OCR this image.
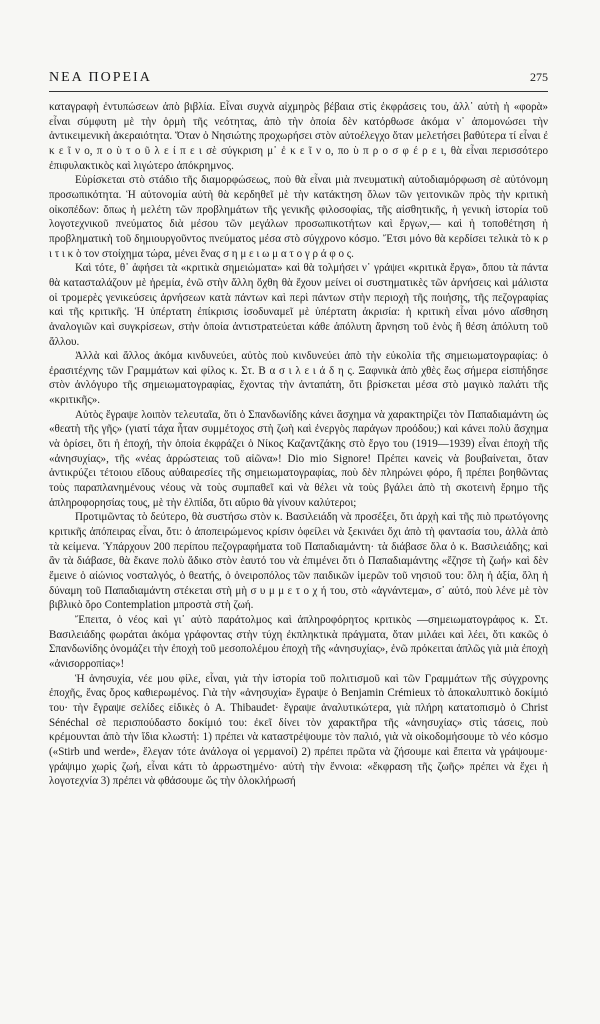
ΝΕΑ ΠΟΡΕΙΑ	275

καταγραφὴ ἐντυπώσεων ἀπὸ βιβλία. Εἶναι συχνὰ αἰχμηρὸς βέβαια στὶς ἐκφράσεις του, ἀλλ᾽ αὐτὴ ἡ «φορὰ» εἶναι σύμφυτη μὲ τὴν ὁρμὴ τῆς νεότητας, ἀπὸ τὴν ὁποία δὲν κατόρθωσε ἀκόμα ν᾽ ἀπομονώσει τὴν ἀντικειμενικὴ ἀκεραιότητα. Ὅταν ὁ Νησιώτης προχωρήσει στὸν αὐτοέλεγχο ὅταν μελετήσει βαθύτερα τί εἶναι ἐ κ ε ῖ ν ο, π ο ὺ τ ο ῦ λ ε ί π ε ι σὲ σύγκριση μ᾽ ἐ κ ε ῖ ν ο, πο ὺ π ρ ο σ φ έ ρ ε ι, θὰ εἶναι περισσότερο ἐπιφυλακτικὸς καὶ λιγώτερο ἀπόκρημνος.

Εὑρίσκεται στὸ στάδιο τῆς διαμορφώσεως, ποὺ θὰ εἶναι μιὰ πνευματικὴ αὐτοδιαμόρφωση σὲ αὐτόνομη προσωπικότητα. Ἡ αὐτονομία αὐτὴ θὰ κερδηθεῖ μὲ τὴν κατάκτηση ὅλων τῶν γειτονικῶν πρὸς τὴν κριτικὴ οἰκοπέδων: ὅπως ἡ μελέτη τῶν προβλημάτων τῆς γενικῆς φιλοσοφίας, τῆς αἰσθητικῆς, ἡ γενικὴ ἱστορία τοῦ λογοτεχνικοῦ πνεύματος διὰ μέσου τῶν μεγάλων προσωπικοτήτων καὶ ἔργων,— καὶ ἡ τοποθέτηση ἡ προβληματικὴ τοῦ δημιουργοῦντος πνεύματος μέσα στὸ σύγχρονο κόσμο. Ἔτσι μόνο θὰ κερδίσει τελικὰ τὸ κ ρ ι τ ι κ ὸ τον στοίχημα τώρα, μένει ἕνας σ η μ ε ι ω μ α τ ο γ ρ ά φ ο ς.

Καὶ τότε, θ᾽ ἀφήσει τὰ «κριτικὰ σημειώματα» καὶ θὰ τολμήσει ν᾽ γράψει «κριτικὰ ἔργα», ὅπου τὰ πάντα θὰ κατασταλάζουν μὲ ἠρεμία, ἐνῶ στὴν ἄλλη ὄχθη θὰ ἔχουν μείνει οἱ συστηματικὲς τῶν ἀρνήσεις καὶ μάλιστα οἱ τρομερὲς γενικεύσεις ἀρνήσεων κατὰ πάντων καὶ περὶ πάντων στὴν περιοχὴ τῆς ποιήσης, τῆς πεζογραφίας καὶ τῆς κριτικῆς. Ἡ ὑπέρτατη ἐπίκρισις ἰσοδυναμεῖ μὲ ὑπέρτατη ἀκρισία: ἡ κριτικὴ εἶναι μόνο αἴσθηση ἀναλογιῶν καὶ συγκρίσεων, στὴν ὁποία ἀντιστρατεύεται κάθε ἀπόλυτη ἄρνηση τοῦ ἑνὸς ἢ θέση ἀπόλυτη τοῦ ἄλλου.

Ἀλλὰ καὶ ἄλλος ἀκόμα κινδυνεύει, αὐτὸς ποὺ κινδυνεύει ἀπὸ τὴν εὐκολία τῆς σημειωματογραφίας: ὁ ἐρασιτέχνης τῶν Γραμμάτων καὶ φίλος κ. Στ. Β α σ ι λ ε ι ά δ η ς. Ξαφνικὰ ἀπὸ χθὲς ἕως σήμερα εἰσπήδησε στὸν ἀνλόγυρο τῆς σημειωματογραφίας, ἔχοντας τὴν ἀνταπάτη, ὅτι βρίσκεται μέσα στὸ μαγικὸ παλάτι τῆς «κριτικῆς».

Αὐτὸς ἔγραψε λοιπὸν τελευταῖα, ὅτι ὁ Σπανδωνίδης κάνει ἄσχημα νὰ χαρακτηρίζει τὸν Παπαδιαμάντη ὡς «θεατὴ τῆς γῆς» (γιατί τάχα ἦταν συμμέτοχος στὴ ζωὴ καὶ ἐνεργὸς παράγων προόδου;) καὶ κάνει πολὺ ἄσχημα νὰ ὁρίσει, ὅτι ἡ ἐποχή, τὴν ὁποία ἐκφράζει ὁ Νίκος Καζαντζάκης στὸ ἔργο του (1919—1939) εἶναι ἐποχὴ τῆς «ἀνησυχίας», τῆς «νέας ἀρρώστειας τοῦ αἰῶνα»! Dio mio Signore! Πρέπει κανεὶς νὰ βουβαίνεται, ὅταν ἀντικρύζει τέτοιου εἴδους αὐθαιρεσίες τῆς σημειωματογραφίας, ποὺ δὲν πληρώνει φόρο, ἢ πρέπει βοηθῶντας τοὺς παραπλανημένους νέους νὰ τοὺς συμπαθεῖ καὶ νὰ θέλει νὰ τοὺς βγάλει ἀπὸ τὴ σκοτεινὴ ἔρημο τῆς ἀπληροφορησίας τους, μὲ τὴν ἐλπίδα, ὅτι αὔριο θὰ γίνουν καλύτεροι;

Προτιμῶντας τὸ δεύτερο, θὰ συστήσω στὸν κ. Βασιλειάδη νὰ προσέξει, ὅτι ἀρχὴ καὶ τῆς πιὸ πρωτόγονης κριτικῆς ἀπόπειρας εἶναι, ὅτι: ὁ ἀποπειρώμενος κρίσιν ὀφείλει νὰ ξεκινάει ὄχι ἀπὸ τὴ φαντασία του, ἀλλὰ ἀπὸ τὰ κείμενα. Ὑπάρχουν 200 περίπου πεζογραφήματα τοῦ Παπαδιαμάντη· τὰ διάβασε ὅλα ὁ κ. Βασιλειάδης; καὶ ἂν τὰ διάβασε, θὰ ἔκανε πολὺ ἄδικο στὸν ἑαυτό του νὰ ἐπιμένει ὅτι ὁ Παπαδιαμάντης «ἔζησε τὴ ζωή» καὶ δὲν ἔμεινε ὁ αἰώνιος νοσταλγός, ὁ θεατής, ὁ ὀνειροπόλος τῶν παιδικῶν ἱμερῶν τοῦ νησιοῦ του: ὅλη ἡ ἀξία, ὅλη ἡ δύναμη τοῦ Παπαδιαμάντη στέκεται στὴ μὴ σ υ μ μ ε τ ο χ ή του, στὸ «ἀγνάντεμα», σ᾽ αὐτό, ποὺ λένε μὲ τὸν βιβλικὸ ὅρο Contemplation μπροστὰ στὴ ζωή.

Ἔπειτα, ὁ νέος καὶ γι᾽ αὐτὸ παράτολμος καὶ ἀπληροφόρητος κριτικὸς —σημειωματογράφος κ. Στ. Βασιλειάδης φωράται ἀκόμα γράφοντας στὴν τύχη ἐκπληκτικὰ πράγματα, ὅταν μιλάει καὶ λέει, ὅτι κακῶς ὁ Σπανδωνίδης ὀνομάζει τὴν ἐποχὴ τοῦ μεσοπολέμου ἐποχὴ τῆς «ἀνησυχίας», ἐνῶ πρόκειται ἁπλῶς γιὰ μιὰ ἐποχὴ «ἀνισορροπίας»!

Ἡ ἀνησυχία, νέε μου φίλε, εἶναι, γιὰ τὴν ἱστορία τοῦ πολιτισμοῦ καὶ τῶν Γραμμάτων τῆς σύγχρονης ἐποχῆς, ἕνας ὅρος καθιερωμένος. Γιὰ τὴν «ἀνησυχία» ἔγραψε ὁ Benjamin Crémieux τὸ ἀποκαλυπτικὸ δοκίμιό του· τὴν ἔγραψε σελίδες εἰδικὲς ὁ A. Thibaudet· ἔγραψε ἀναλυτικώτερα, γιὰ πλήρη κατατοπισμὸ ὁ Christ Sénéchal σὲ περισπούδαστο δοκίμιό του: ἐκεῖ δίνει τὸν χαρακτῆρα τῆς «ἀνησυχίας» στὶς τάσεις, ποὺ κρέμουνται ἀπὸ τὴν ἴδια κλωστή: 1) πρέπει νὰ καταστρέψουμε τὸν παλιό, γιὰ νὰ οἰκοδομήσουμε τὸ νέο κόσμο («Stirb und werde», ἔλεγαν τότε ἀνάλογα οἱ γερμανοί) 2) πρέπει πρῶτα νὰ ζήσουμε καὶ ἔπειτα νὰ γράψουμε· γράψιμο χωρὶς ζωή, εἶναι κάτι τὸ ἀρρωστημένο· αὐτὴ τὴν ἔννοια: «ἔκφραση τῆς ζωῆς» πρέπει νὰ ἔχει ἡ λογοτεχνία 3) πρέπει νὰ φθάσουμε ὥς τὴν ὁλοκλήρωσή
